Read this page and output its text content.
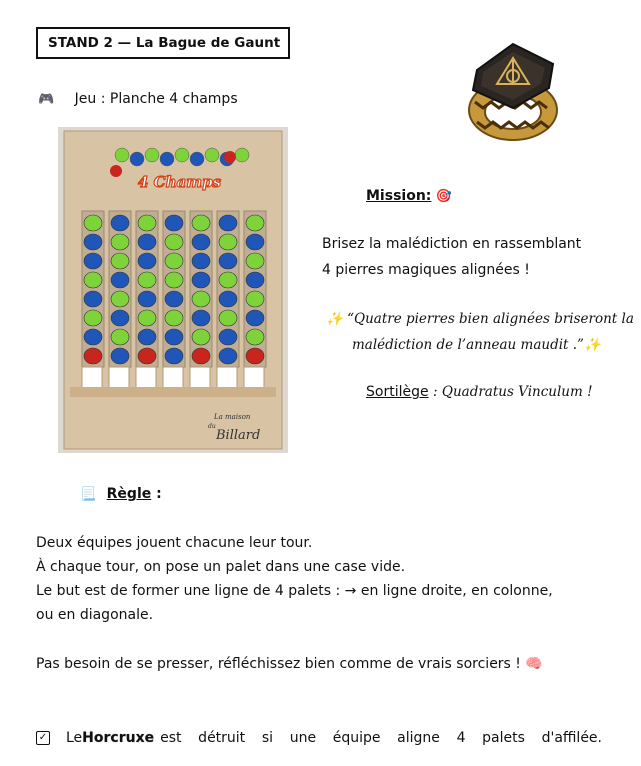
STAND 2 — La Bague de Gaunt
🎮 Jeu : Planche 4 champs
4 Champs
La maison
du
Billard
Mission: 🎯
Brisez la malédiction en rassemblant
4 pierres magiques alignées !
✨ “Quatre pierres bien alignées briseront la
malédiction de l’anneau maudit .”✨
Sortilège : Quadratus Vinculum !
📃 Règle :
Deux équipes jouent chacune leur tour.
À chaque tour, on pose un palet dans une case vide.
Le but est de former une ligne de 4 palets : → en ligne droite, en colonne,
ou en diagonale.
Pas besoin de se presser, réfléchissez bien comme de vrais sorciers ! 🧠
✓ Le Horcruxe est détruit si une équipe aligne 4 palets d'affilée.
